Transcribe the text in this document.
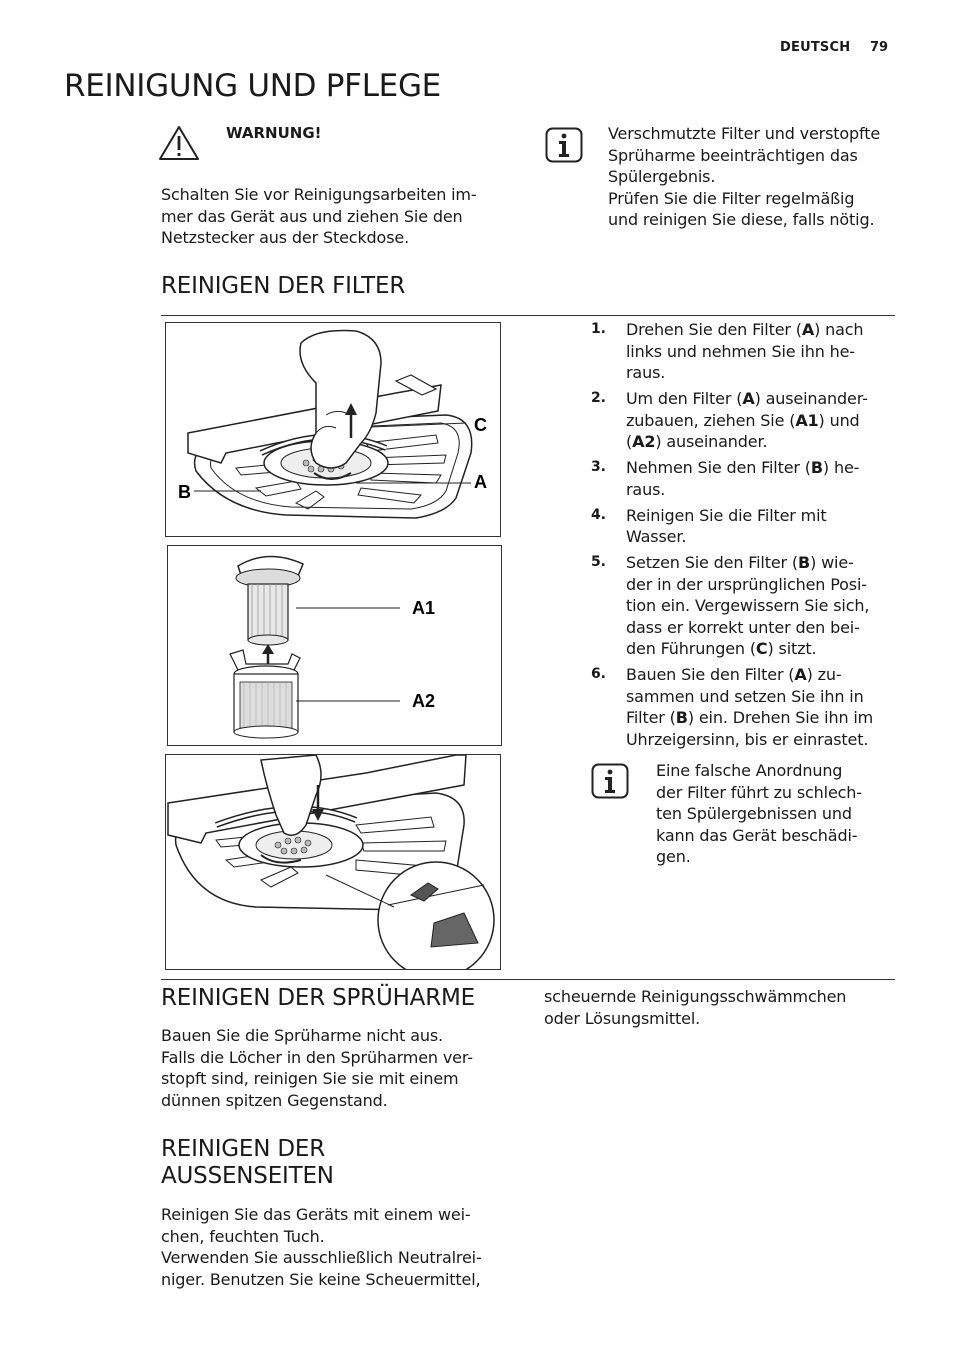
DEUTSCH 79
REINIGUNG UND PFLEGE
WARNUNG!
Schalten Sie vor Reinigungsarbeiten im-
mer das Gerät aus und ziehen Sie den
Netzstecker aus der Steckdose.
Verschmutzte Filter und verstopfte
Sprüharme beeinträchtigen das
Spülergebnis.
Prüfen Sie die Filter regelmäßig
und reinigen Sie diese, falls nötig.
REINIGEN DER FILTER
C
A
B
A1
A2
1. Drehen Sie den Filter (A) nach
links und nehmen Sie ihn he-
raus.
2. Um den Filter (A) auseinander-
zubauen, ziehen Sie (A1) und
(A2) auseinander.
3. Nehmen Sie den Filter (B) he-
raus.
4. Reinigen Sie die Filter mit
Wasser.
5. Setzen Sie den Filter (B) wie-
der in der ursprünglichen Posi-
tion ein. Vergewissern Sie sich,
dass er korrekt unter den bei-
den Führungen (C) sitzt.
6. Bauen Sie den Filter (A) zu-
sammen und setzen Sie ihn in
Filter (B) ein. Drehen Sie ihn im
Uhrzeigersinn, bis er einrastet.
Eine falsche Anordnung
der Filter führt zu schlech-
ten Spülergebnissen und
kann das Gerät beschädi-
gen.
REINIGEN DER SPRÜHARME
Bauen Sie die Sprüharme nicht aus.
Falls die Löcher in den Sprüharmen ver-
stopft sind, reinigen Sie sie mit einem
dünnen spitzen Gegenstand.
REINIGEN DER
AUSSENSEITEN
Reinigen Sie das Geräts mit einem wei-
chen, feuchten Tuch.
Verwenden Sie ausschließlich Neutralrei-
niger. Benutzen Sie keine Scheuermittel,
scheuernde Reinigungsschwämmchen
oder Lösungsmittel.
